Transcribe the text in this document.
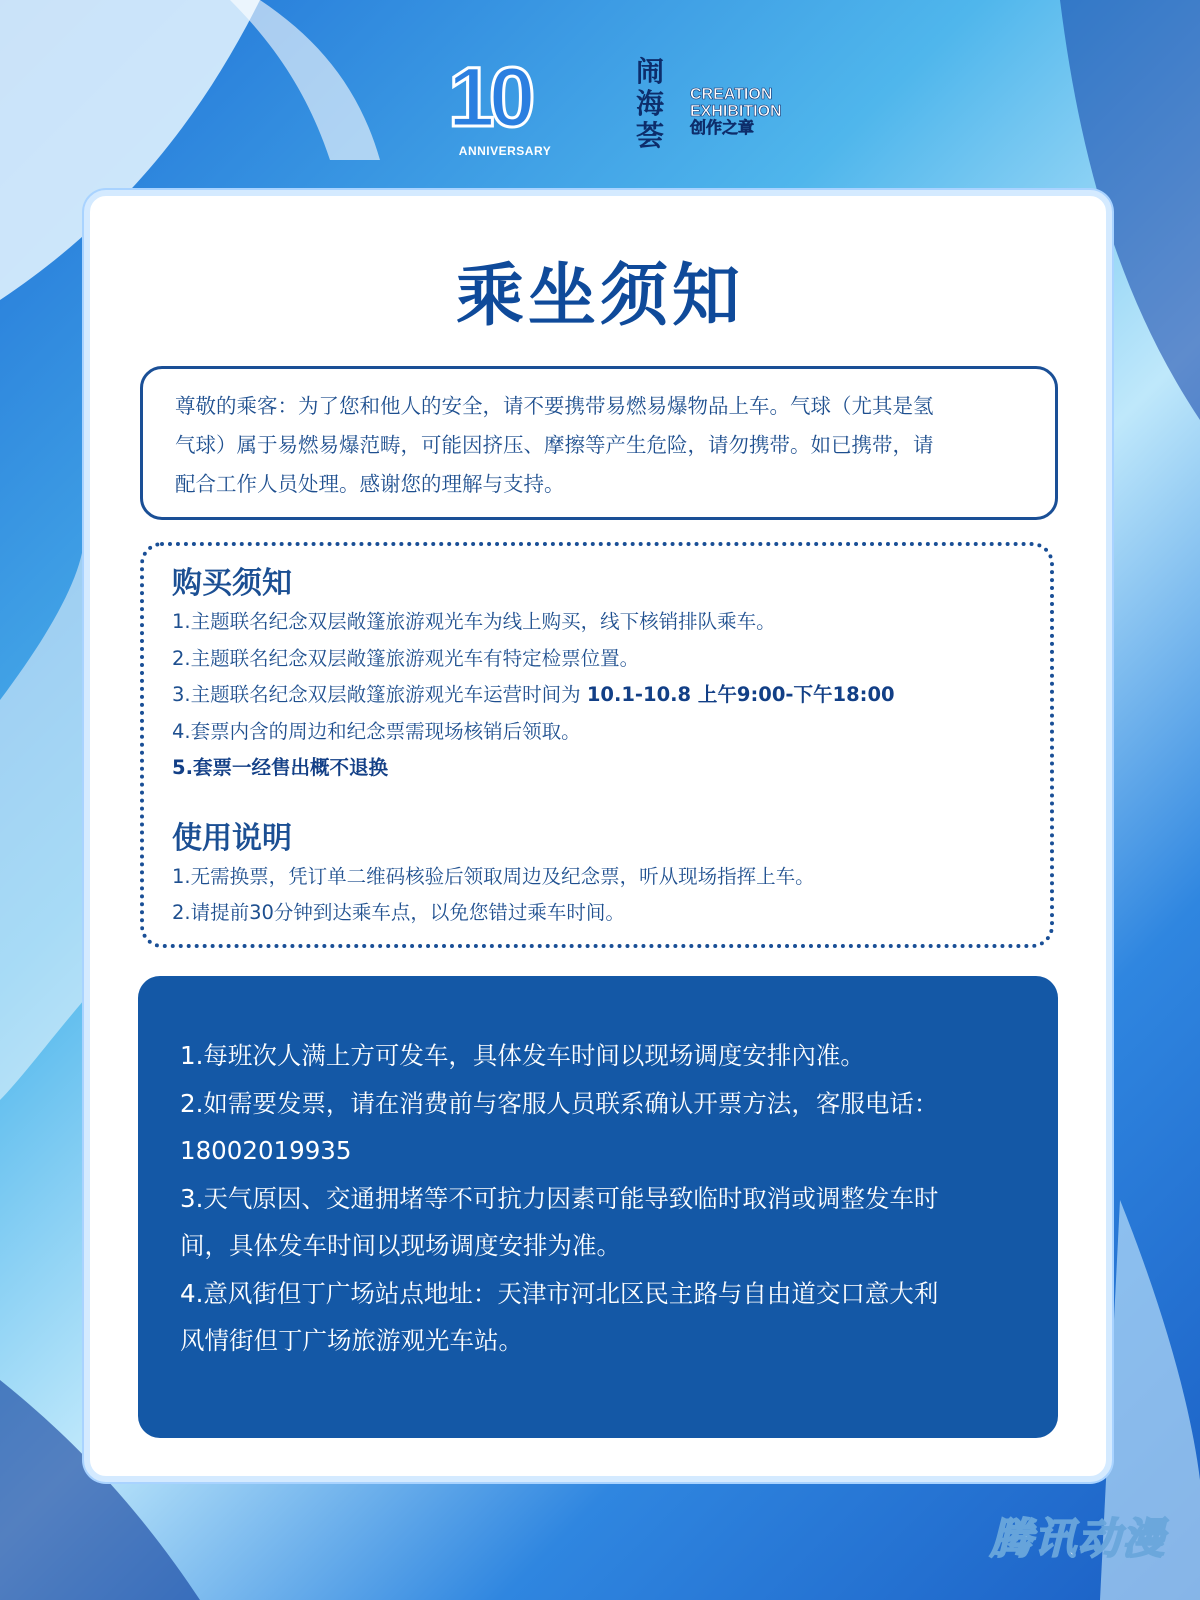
10
ANNIVERSARY
闹海荟
CREATION
EXHIBITION
创作之章
乘坐须知

尊敬的乘客：为了您和他人的安全，请不要携带易燃易爆物品上车。气球（尤其是氢

气球）属于易燃易爆范畴，可能因挤压、摩擦等产生危险，请勿携带。如已携带，请

配合工作人员处理。感谢您的理解与支持。

购买须知

1.主题联名纪念双层敞篷旅游观光车为线上购买，线下核销排队乘车。

2.主题联名纪念双层敞篷旅游观光车有特定检票位置。

3.主题联名纪念双层敞篷旅游观光车运营时间为 10.1-10.8 上午9:00-下午18:00

4.套票内含的周边和纪念票需现场核销后领取。

5.套票一经售出概不退换

使用说明

1.无需换票，凭订单二维码核验后领取周边及纪念票，听从现场指挥上车。

2.请提前30分钟到达乘车点，以免您错过乘车时间。

1.每班次人满上方可发车，具体发车时间以现场调度安排內准。

2.如需要发票，请在消费前与客服人员联系确认开票方法，客服电话：

18002019935

3.天气原因、交通拥堵等不可抗力因素可能导致临时取消或调整发车时

间，具体发车时间以现场调度安排为准。

4.意风街但丁广场站点地址：天津市河北区民主路与自由道交口意大利

风情街但丁广场旅游观光车站。

腾讯动漫
